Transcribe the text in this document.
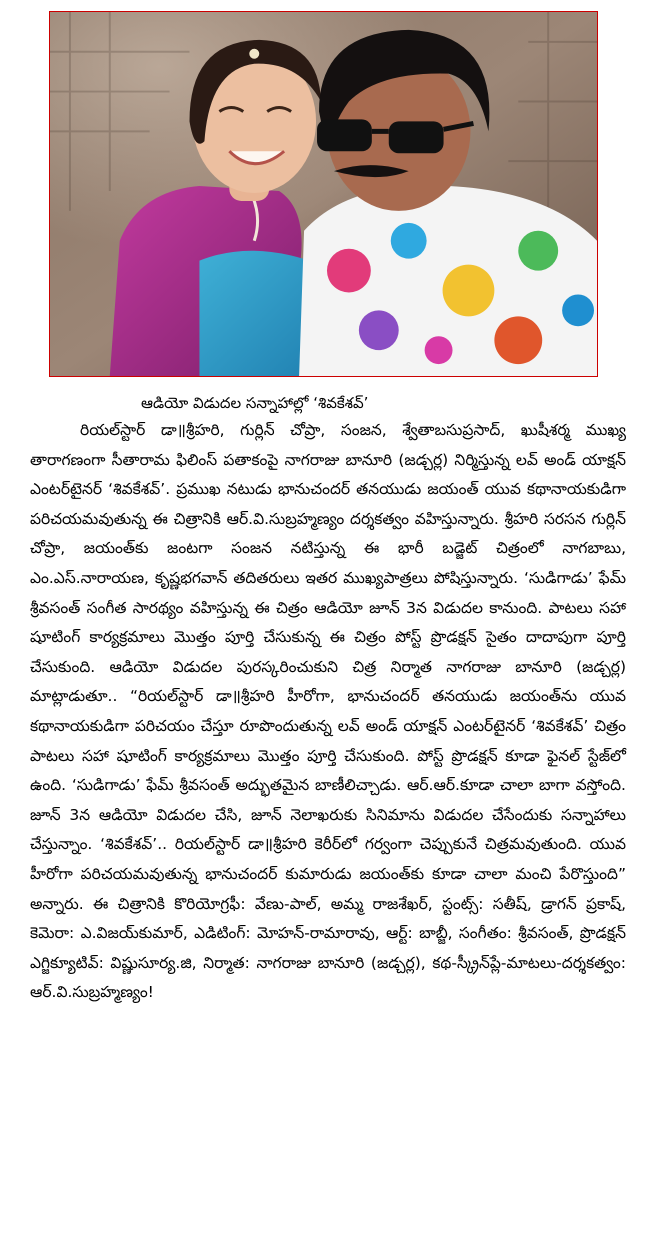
ఆడియో విడుదల సన్నాహాల్లో ‘శివకేశవ్’

రియల్‌స్టార్ డా॥శ్రీహరి, గుర్లిన్ చోప్రా, సంజన, శ్వేతాబసుప్రసాద్, ఖుషీశర్మ ముఖ్య తారాగణంగా సీతారామ ఫిలింస్ పతాకంపై నాగరాజు బానూరి (జడ్చర్ల) నిర్మిస్తున్న లవ్ అండ్ యాక్షన్ ఎంటర్‌టైనర్ ‘శివకేశవ్’. ప్రముఖ నటుడు భానుచందర్ తనయుడు జయంత్ యువ కథానాయకుడిగా పరిచయమవుతున్న ఈ చిత్రానికి ఆర్.వి.సుబ్రహ్మణ్యం దర్శకత్వం వహిస్తున్నారు. శ్రీహరి సరసన గుర్లిన్ చోప్రా, జయంత్‌కు జంటగా సంజన నటిస్తున్న ఈ భారీ బడ్జెట్ చిత్రంలో నాగబాబు, ఎం.ఎస్.నారాయణ, కృష్ణభగవాన్ తదితరులు ఇతర ముఖ్యపాత్రలు పోషిస్తున్నారు. ‘సుడిగాడు’ ఫేమ్ శ్రీవసంత్ సంగీత సారథ్యం వహిస్తున్న ఈ చిత్రం ఆడియో జూన్ 3న విడుదల కానుంది. పాటలు సహా షూటింగ్ కార్యక్రమాలు మొత్తం పూర్తి చేసుకున్న ఈ చిత్రం పోస్ట్ ప్రొడక్షన్ సైతం దాదాపుగా పూర్తి చేసుకుంది. ఆడియో విడుదల పురస్కరించుకుని చిత్ర నిర్మాత నాగరాజు బానూరి (జడ్చర్ల) మాట్లాడుతూ.. “రియల్‌స్టార్ డా॥శ్రీహరి హీరోగా, భానుచందర్ తనయుడు జయంత్‌ను యువ కథానాయకుడిగా పరిచయం చేస్తూ రూపొందుతున్న లవ్ అండ్ యాక్షన్ ఎంటర్‌టైనర్ ‘శివకేశవ్’ చిత్రం పాటలు సహా షూటింగ్ కార్యక్రమాలు మొత్తం పూర్తి చేసుకుంది. పోస్ట్ ప్రొడక్షన్ కూడా ఫైనల్ స్టేజ్‌లో ఉంది. ‘సుడిగాడు’ ఫేమ్ శ్రీవసంత్ అద్భుతమైన బాణీలిచ్చాడు. ఆర్.ఆర్.కూడా చాలా బాగా వస్తోంది. జూన్ 3న ఆడియో విడుదల చేసి, జూన్ నెలాఖరుకు సినిమాను విడుదల చేసేందుకు సన్నాహాలు చేస్తున్నాం. ‘శివకేశవ్’.. రియల్‌స్టార్ డా॥శ్రీహరి కెరీర్‌లో గర్వంగా చెప్పుకునే చిత్రమవుతుంది. యువ హీరోగా పరిచయమవుతున్న భానుచందర్ కుమారుడు జయంత్‌కు కూడా చాలా మంచి పేరొస్తుంది” అన్నారు. ఈ చిత్రానికి కొరియోగ్రఫీ: వేణు-పాల్, అమ్మ రాజశేఖర్, స్టంట్స్: సతీష్, డ్రాగన్ ప్రకాష్, కెమెరా: ఎ.విజయ్‌కుమార్, ఎడిటింగ్: మోహన్-రామారావు, ఆర్ట్: బాబ్జీ, సంగీతం: శ్రీవసంత్, ప్రొడక్షన్ ఎగ్జిక్యూటివ్: విష్ణుసూర్య.జి, నిర్మాత: నాగరాజు బానూరి (జడ్చర్ల), కథ-స్క్రీన్‌ప్లే-మాటలు-దర్శకత్వం: ఆర్.వి.సుబ్రహ్మణ్యం!
